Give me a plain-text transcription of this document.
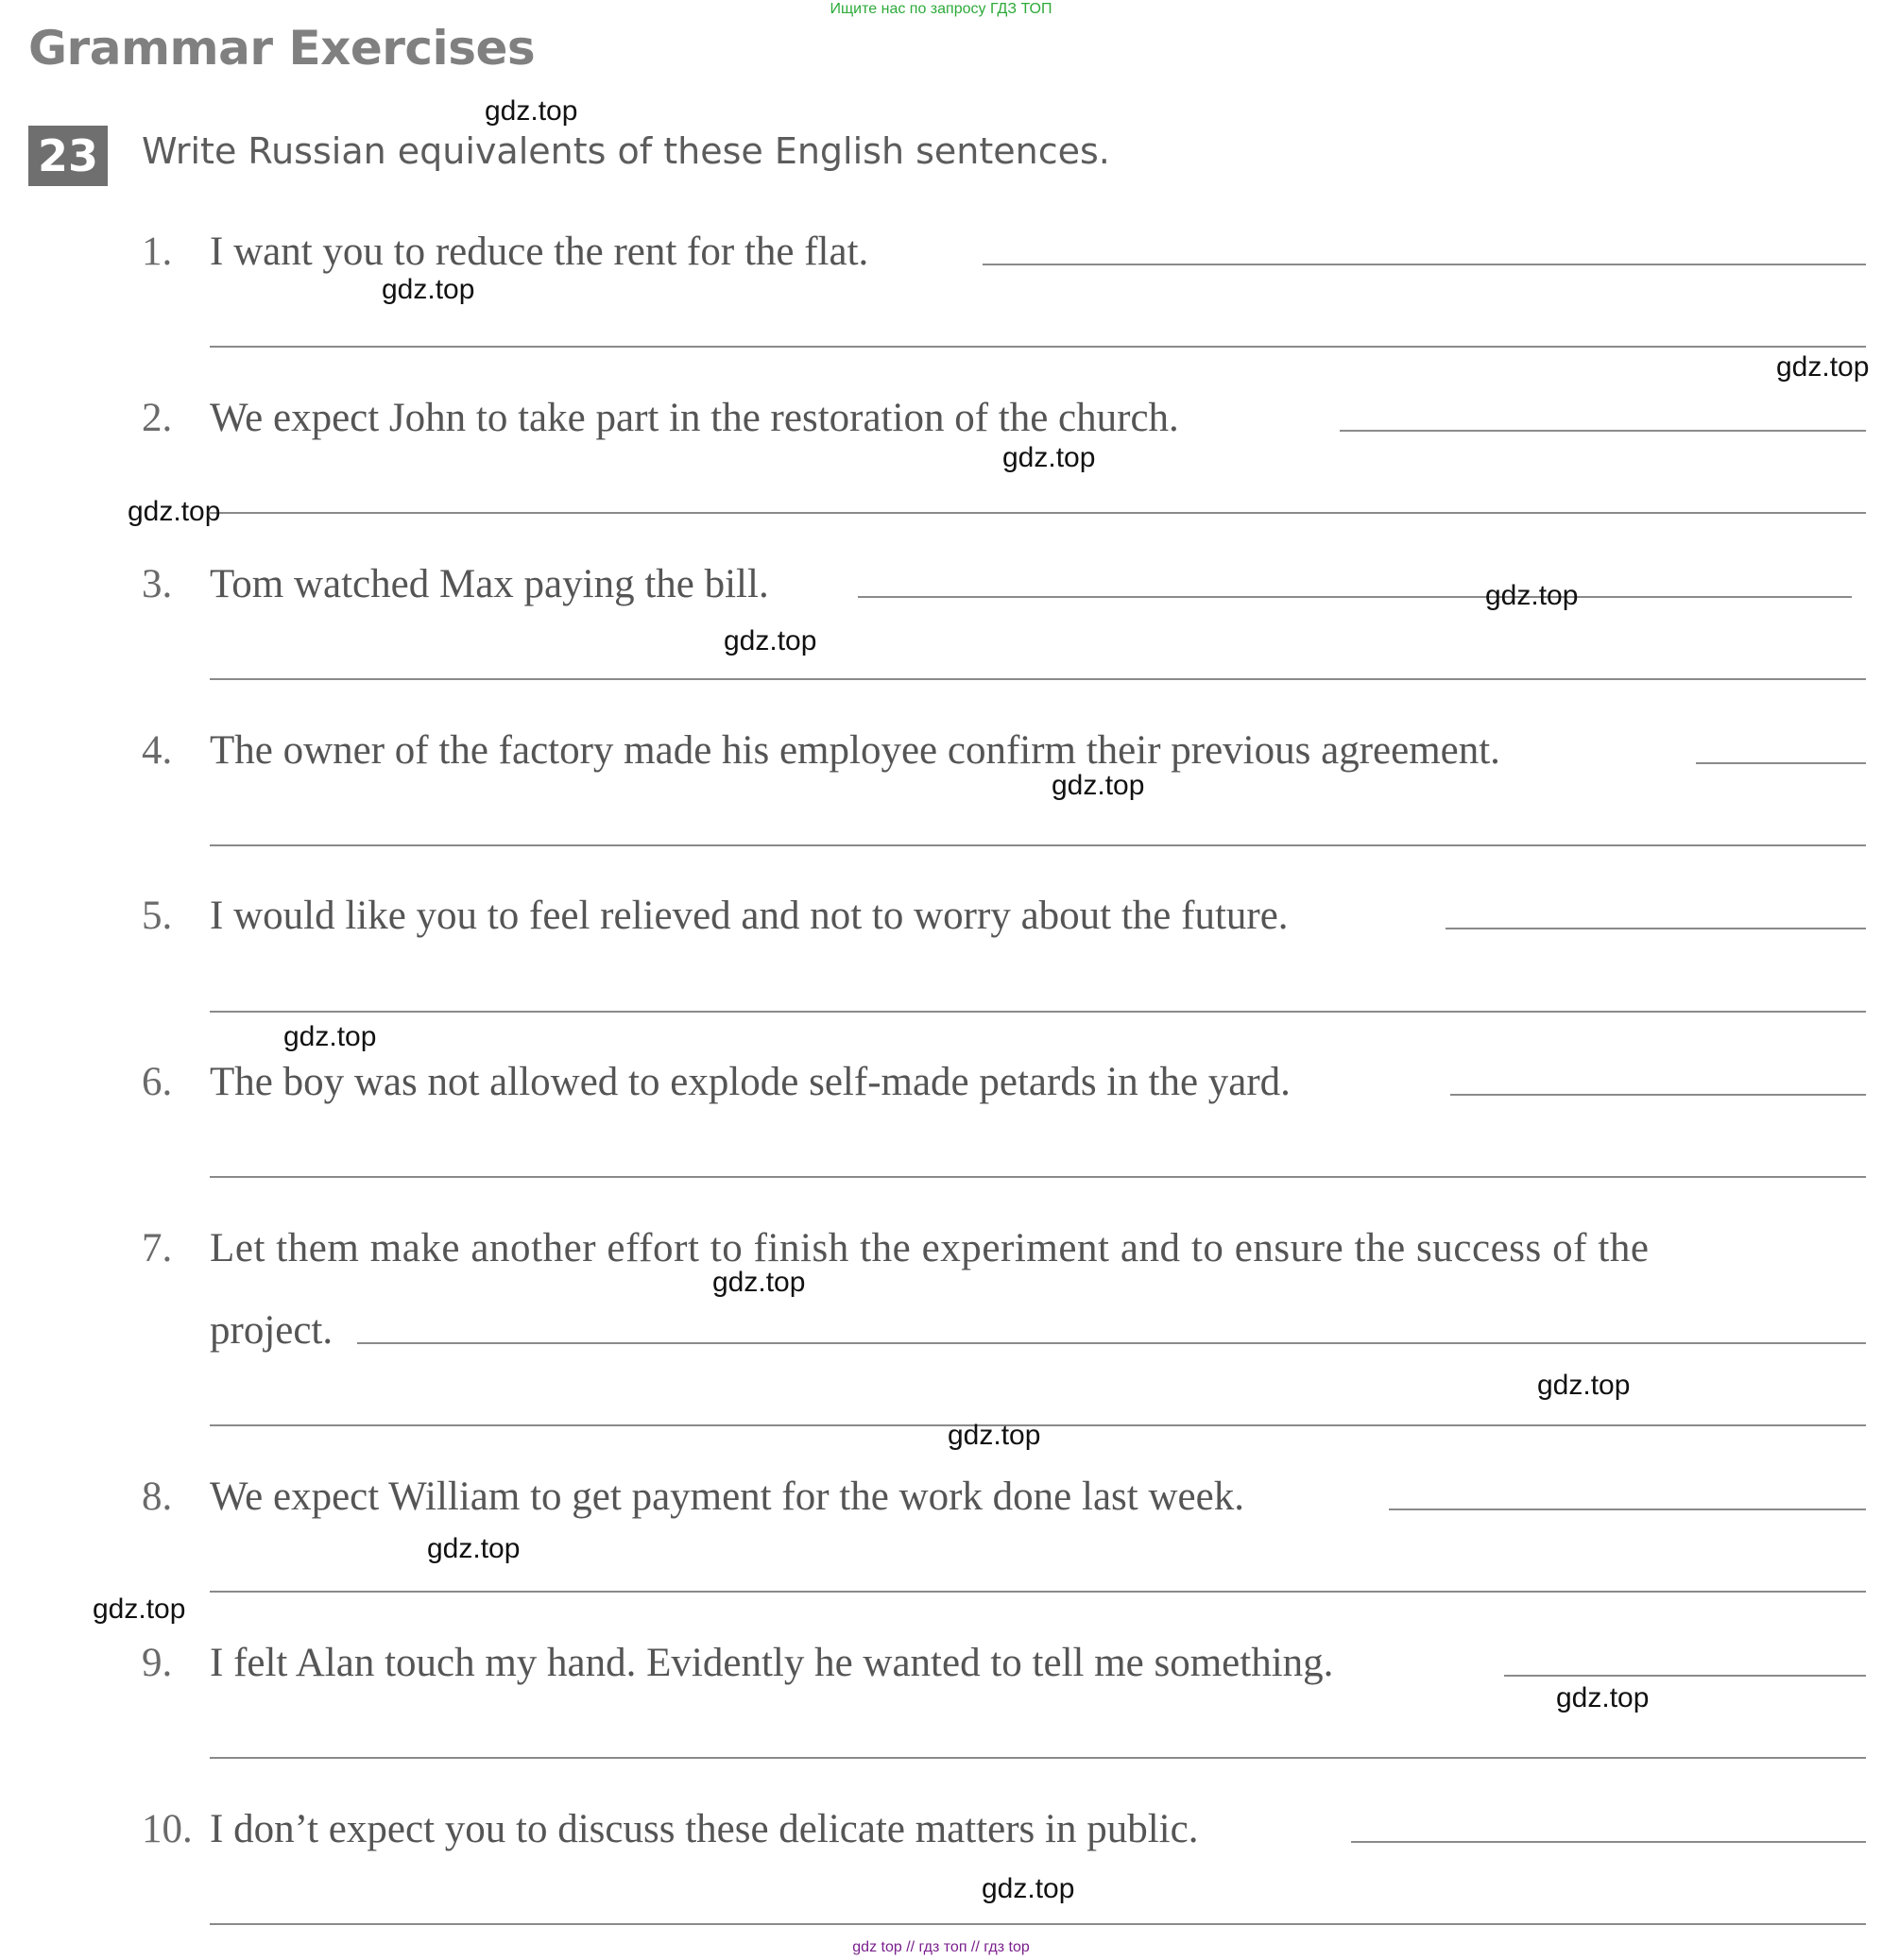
Ищите нас по запросу ГДЗ ТОП
Grammar Exercises
23 Write Russian equivalents of these English sentences.
1. I want you to reduce the rent for the flat.
2. We expect John to take part in the restoration of the church.
3. Tom watched Max paying the bill.
4. The owner of the factory made his employee confirm their previous agreement.
5. I would like you to feel relieved and not to worry about the future.
6. The boy was not allowed to explode self-made petards in the yard.
7. Let them make another effort to finish the experiment and to ensure the success of the
project.
8. We expect William to get payment for the work done last week.
9. I felt Alan touch my hand. Evidently he wanted to tell me something.
10. I don’t expect you to discuss these delicate matters in public.
gdz.top
gdz.top
gdz.top
gdz.top
gdz.top
gdz.top
gdz.top
gdz.top
gdz.top
gdz.top
gdz.top
gdz.top
gdz.top
gdz.top
gdz.top
gdz.top
gdz top // гдз топ // гдз top
